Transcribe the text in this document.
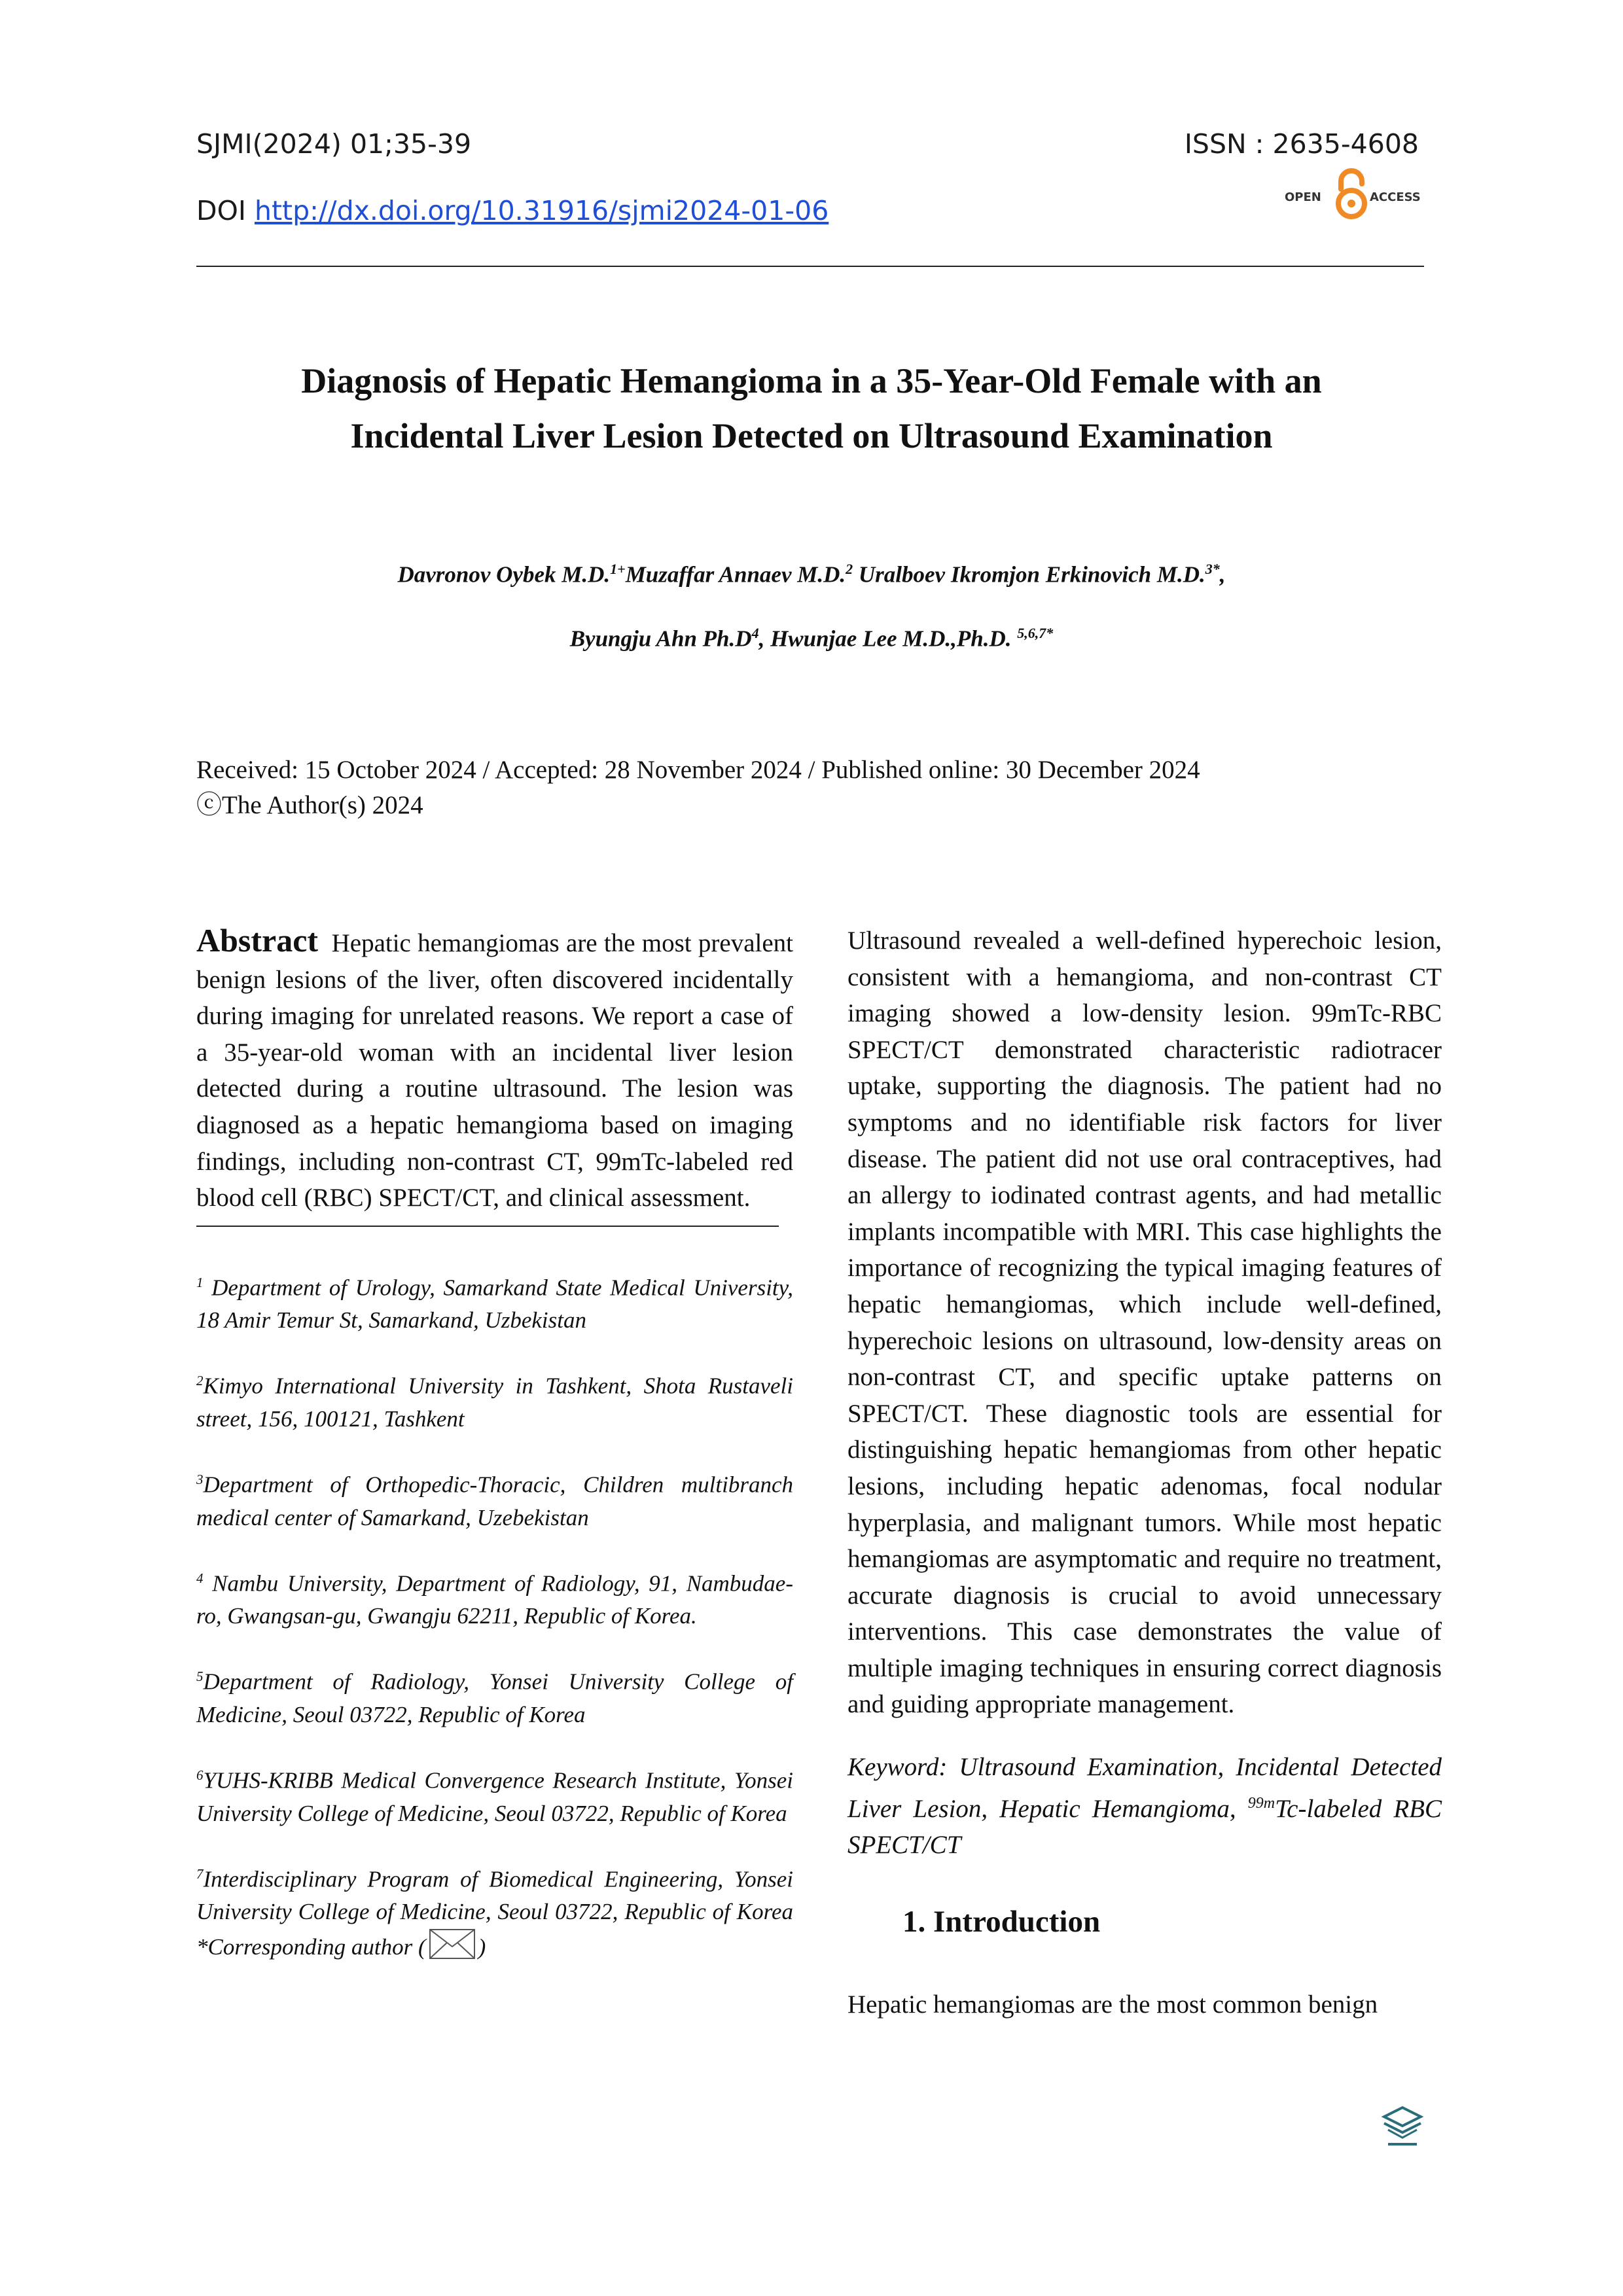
SJMI(2024) 01;35-39
DOI http://dx.doi.org/10.31916/sjmi2024-01-06
ISSN : 2635-4608
OPEN	ACCESS
Diagnosis of Hepatic Hemangioma in a 35-Year-Old Female with an
Incidental Liver Lesion Detected on Ultrasound Examination
Davronov Oybek M.D.$^{1+}$Muzaffar Annaev M.D.$^2$ Uralboev Ikromjon Erkinovich M.D.$^{3*}$,
Byungju Ahn $Ph.D^4$, Hwunjae Lee M.D.,Ph.D. $^{5,6,7*}$
Received: 15 October 2024 / Accepted: 28 November 2024 / Published online: 30 December 2024
ⓒThe Author(s) 2024

Abstract Hepatic hemangiomas are the most prevalent benign lesions of the liver, often discovered incidentally during imaging for unrelated reasons. We report a case of a 35-year-old woman with an incidental liver lesion detected during a routine ultrasound. The lesion was diagnosed as a hepatic hemangioma based on imaging findings, including non-contrast CT, 99mTc-labeled red blood cell (RBC) SPECT/CT, and clinical assessment.

$^1$ Department of Urology, Samarkand State Medical University, 18 Amir Temur St, Samarkand, Uzbekistan

$^2$Kimyo International University in Tashkent, Shota Rustaveli street, 156, 100121, Tashkent

$^3$Department of Orthopedic-Thoracic, Children multibranch medical center of Samarkand, Uzebekistan

$^4$ Nambu University, Department of Radiology, 91, Nambudae-ro, Gwangsan-gu, Gwangju 62211, Republic of Korea.

$^5$Department of Radiology, Yonsei University College of Medicine, Seoul 03722, Republic of Korea

$^6$YUHS-KRIBB Medical Convergence Research Institute, Yonsei University College of Medicine, Seoul 03722, Republic of Korea

$^7$Interdisciplinary Program of Biomedical Engineering, Yonsei University College of Medicine, Seoul 03722, Republic of Korea *Corresponding author ( )

Ultrasound revealed a well-defined hyperechoic lesion, consistent with a hemangioma, and non-contrast CT imaging showed a low-density lesion. 99mTc-RBC SPECT/CT demonstrated characteristic radiotracer uptake, supporting the diagnosis. The patient had no symptoms and no identifiable risk factors for liver disease. The patient did not use oral contraceptives, had an allergy to iodinated contrast agents, and had metallic implants incompatible with MRI. This case highlights the importance of recognizing the typical imaging features of hepatic hemangiomas, which include well-defined, hyperechoic lesions on ultrasound, low-density areas on non-contrast CT, and specific uptake patterns on SPECT/CT. These diagnostic tools are essential for distinguishing hepatic hemangiomas from other hepatic lesions, including hepatic adenomas, focal nodular hyperplasia, and malignant tumors. While most hepatic hemangiomas are asymptomatic and require no treatment, accurate diagnosis is crucial to avoid unnecessary interventions. This case demonstrates the value of multiple imaging techniques in ensuring correct diagnosis and guiding appropriate management.

Keyword: Ultrasound Examination, Incidental Detected Liver Lesion, Hepatic Hemangioma, $^{99m}$Tc-labeled RBC SPECT/CT

1. Introduction

Hepatic hemangiomas are the most common benign
